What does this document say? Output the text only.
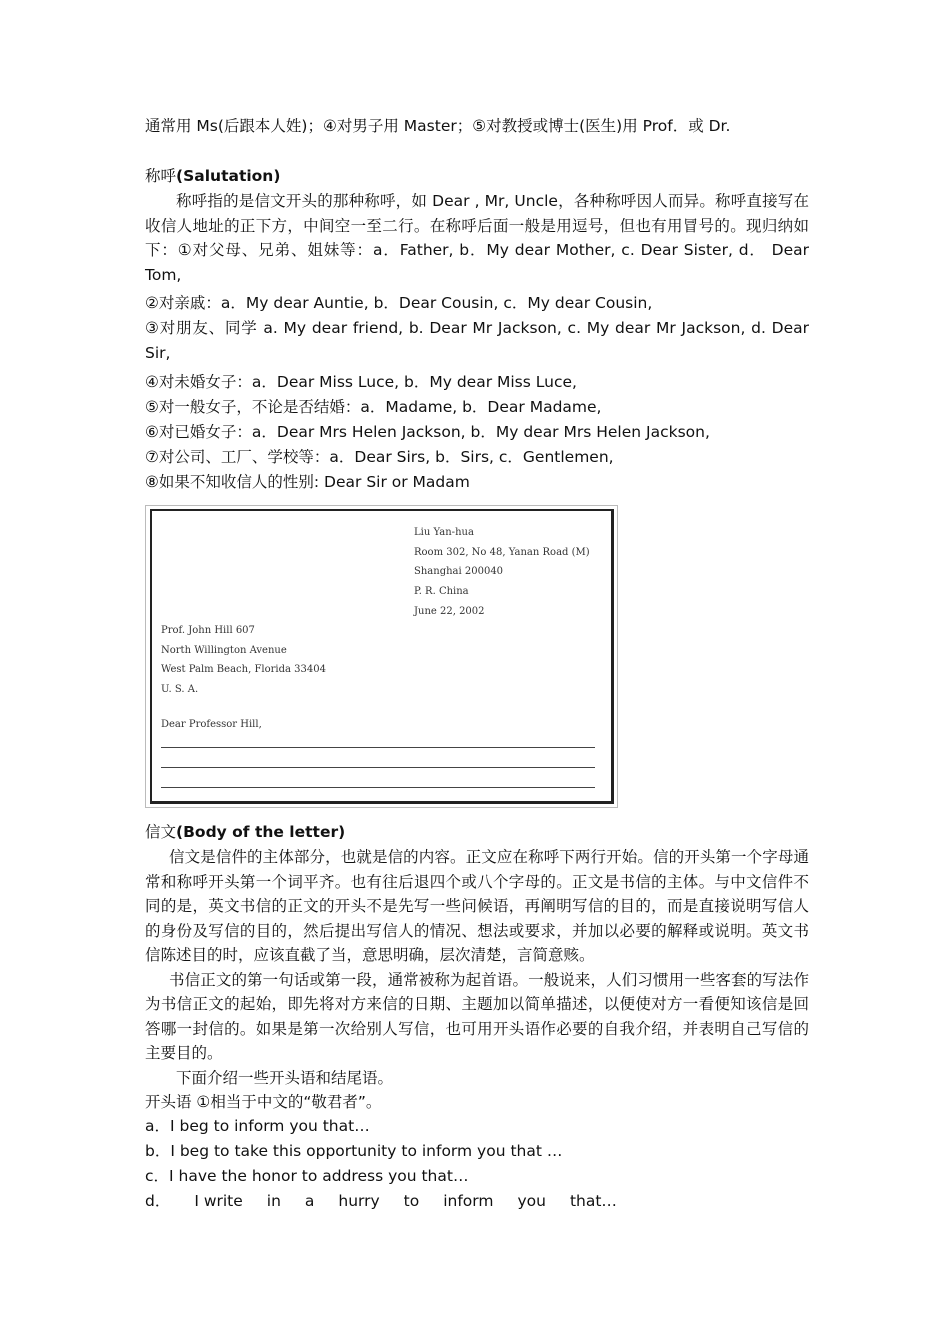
通常用 Ms(后跟本人姓)；④对男子用 Master；⑤对教授或博士(医生)用 Prof．或 Dr.

称呼(Salutation)

称呼指的是信文开头的那种称呼，如 Dear , Mr, Uncle，各种称呼因人而异。称呼直接写在收信人地址的正下方，中间空一至二行。在称呼后面一般是用逗号，但也有用冒号的。现归纳如下：①对父母、兄弟、姐妹等：a．Father, b．My dear Mother, c. Dear Sister, d． Dear Tom,

②对亲戚：a．My dear Auntie, b．Dear Cousin, c．My dear Cousin,

③对朋友、同学 a. My dear friend, b. Dear Mr Jackson, c. My dear Mr Jackson, d. Dear Sir,

④对未婚女子：a．Dear Miss Luce, b．My dear Miss Luce,

⑤对一般女子，不论是否结婚：a．Madame, b．Dear Madame,

⑥对已婚女子：a．Dear Mrs Helen Jackson, b．My dear Mrs Helen Jackson,

⑦对公司、工厂、学校等：a．Dear Sirs, b．Sirs, c．Gentlemen,

⑧如果不知收信人的性别: Dear Sir or Madam

Liu Yan-hua
Room 302, No 48, Yanan Road (M)
Shanghai 200040
P. R. China
June 22, 2002
Prof. John Hill 607
North Willington Avenue
West Palm Beach, Florida 33404
U. S. A.
Dear Professor Hill,

信文(Body of the letter)

信文是信件的主体部分，也就是信的内容。正文应在称呼下两行开始。信的开头第一个字母通常和称呼开头第一个词平齐。也有往后退四个或八个字母的。正文是书信的主体。与中文信件不同的是，英文书信的正文的开头不是先写一些问候语，再阐明写信的目的，而是直接说明写信人的身份及写信的目的，然后提出写信人的情况、想法或要求，并加以必要的解释或说明。英文书信陈述目的时，应该直截了当，意思明确，层次清楚，言简意赅。

书信正文的第一句话或第一段，通常被称为起首语。一般说来，人们习惯用一些客套的写法作为书信正文的起始，即先将对方来信的日期、主题加以简单描述，以便使对方一看便知该信是回答哪一封信的。如果是第一次给别人写信，也可用开头语作必要的自我介绍，并表明自己写信的主要目的。

下面介绍一些开头语和结尾语。

开头语 ①相当于中文的“敬君者”。

a．I beg to inform you that…

b．I beg to take this opportunity to inform you that …

c．I have the honor to address you that…

d． I write in a hurry to inform you that…
